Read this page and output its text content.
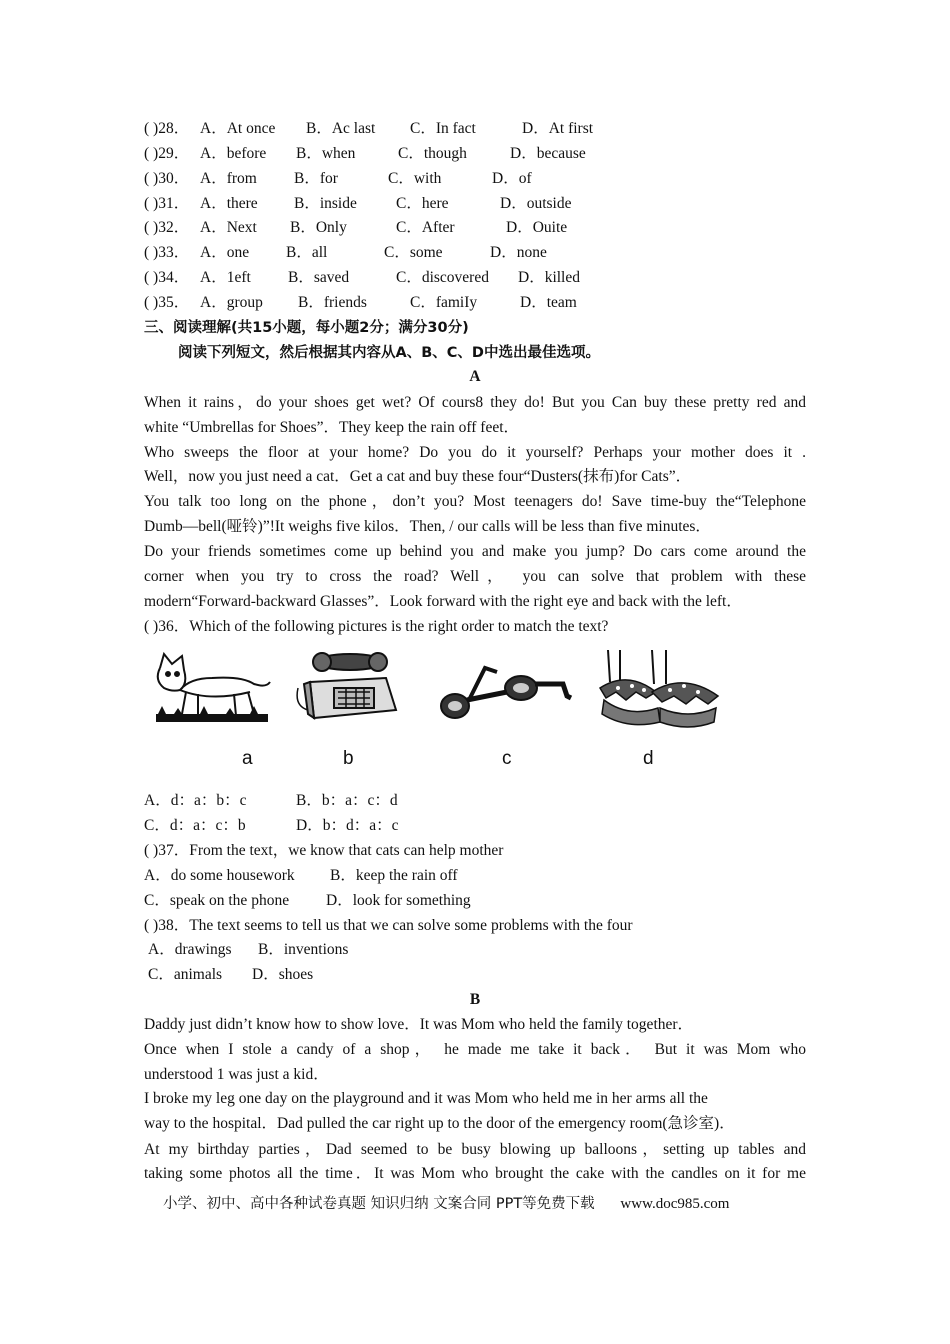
( )28． A．At once B．Ac last C．In fact	D．At first
( )29． A．before B．when	C．though	D．because
( )30． A．from B．for	C．with	D．of
( )31． A．there B．inside	C．here	D．outside
( )32． A．Next B．Only	C．After	D．Ouite
( )33． A．one B．all	C．some	D．none
( )34． A．1eft B．saved	C．discovered D．killed
( )35． A．group B．friends	C．famiIy	D．team
三、阅读理解(共15小题，每小题2分；满分30分)
阅读下列短文，然后根据其内容从A、B、C、D中选出最佳选项。
A
When it rains，do your shoes get wet? Of cours8 they do! But you Can buy these pretty red and
white “Umbrellas for Shoes”．They keep the rain off feet．
Who sweeps the floor at your home? Do you do it yourself? Perhaps your mother does it .
Well，now you just need a cat．Get a cat and buy these four“Dusters(抹布)for Cats”．
You talk too long on the phone，don’t you? Most teenagers do! Save time-buy the“Telephone
Dumb—bell(哑铃)”!It weighs five kilos．Then, / our calls will be less than five minutes．
Do your friends sometimes come up behind you and make you jump? Do cars come around the
corner when you try to cross the road? Well， you can solve that problem with these
modern“Forward-backward Glasses”．Look forward with the right eye and back with the left．
( )36．Which of the following pictures is the right order to match the text?
a	b	c	d
A．d：a：b：c	B．b：a：c：d
C．d：a：c：b	D．b：d：a：c
( )37．From the text，we know that cats can help mother
A．do some housework B．keep the rain off
C．speak on the phone D．look for something
( )38．The text seems to tell us that we can solve some problems with the four
A．drawings B．inventions
C．animals D．shoes
B
Daddy just didn’t know how to show love．It was Mom who held the family together．
Once when I stole a candy of a shop， he made me take it back． But it was Mom who
understood 1 was just a kid．
I broke my leg one day on the playground and it was Mom who held me in her arms all the
way to the hospital．Dad pulled the car right up to the door of the emergency room(急诊室)．
At my birthday parties，Dad seemed to be busy blowing up balloons，setting up tables and
taking some photos all the time．It was Mom who brought the cake with the candles on it for me
小学、初中、高中各种试卷真题 知识归纳 文案合同 PPT等免费下载 www.doc985.com
